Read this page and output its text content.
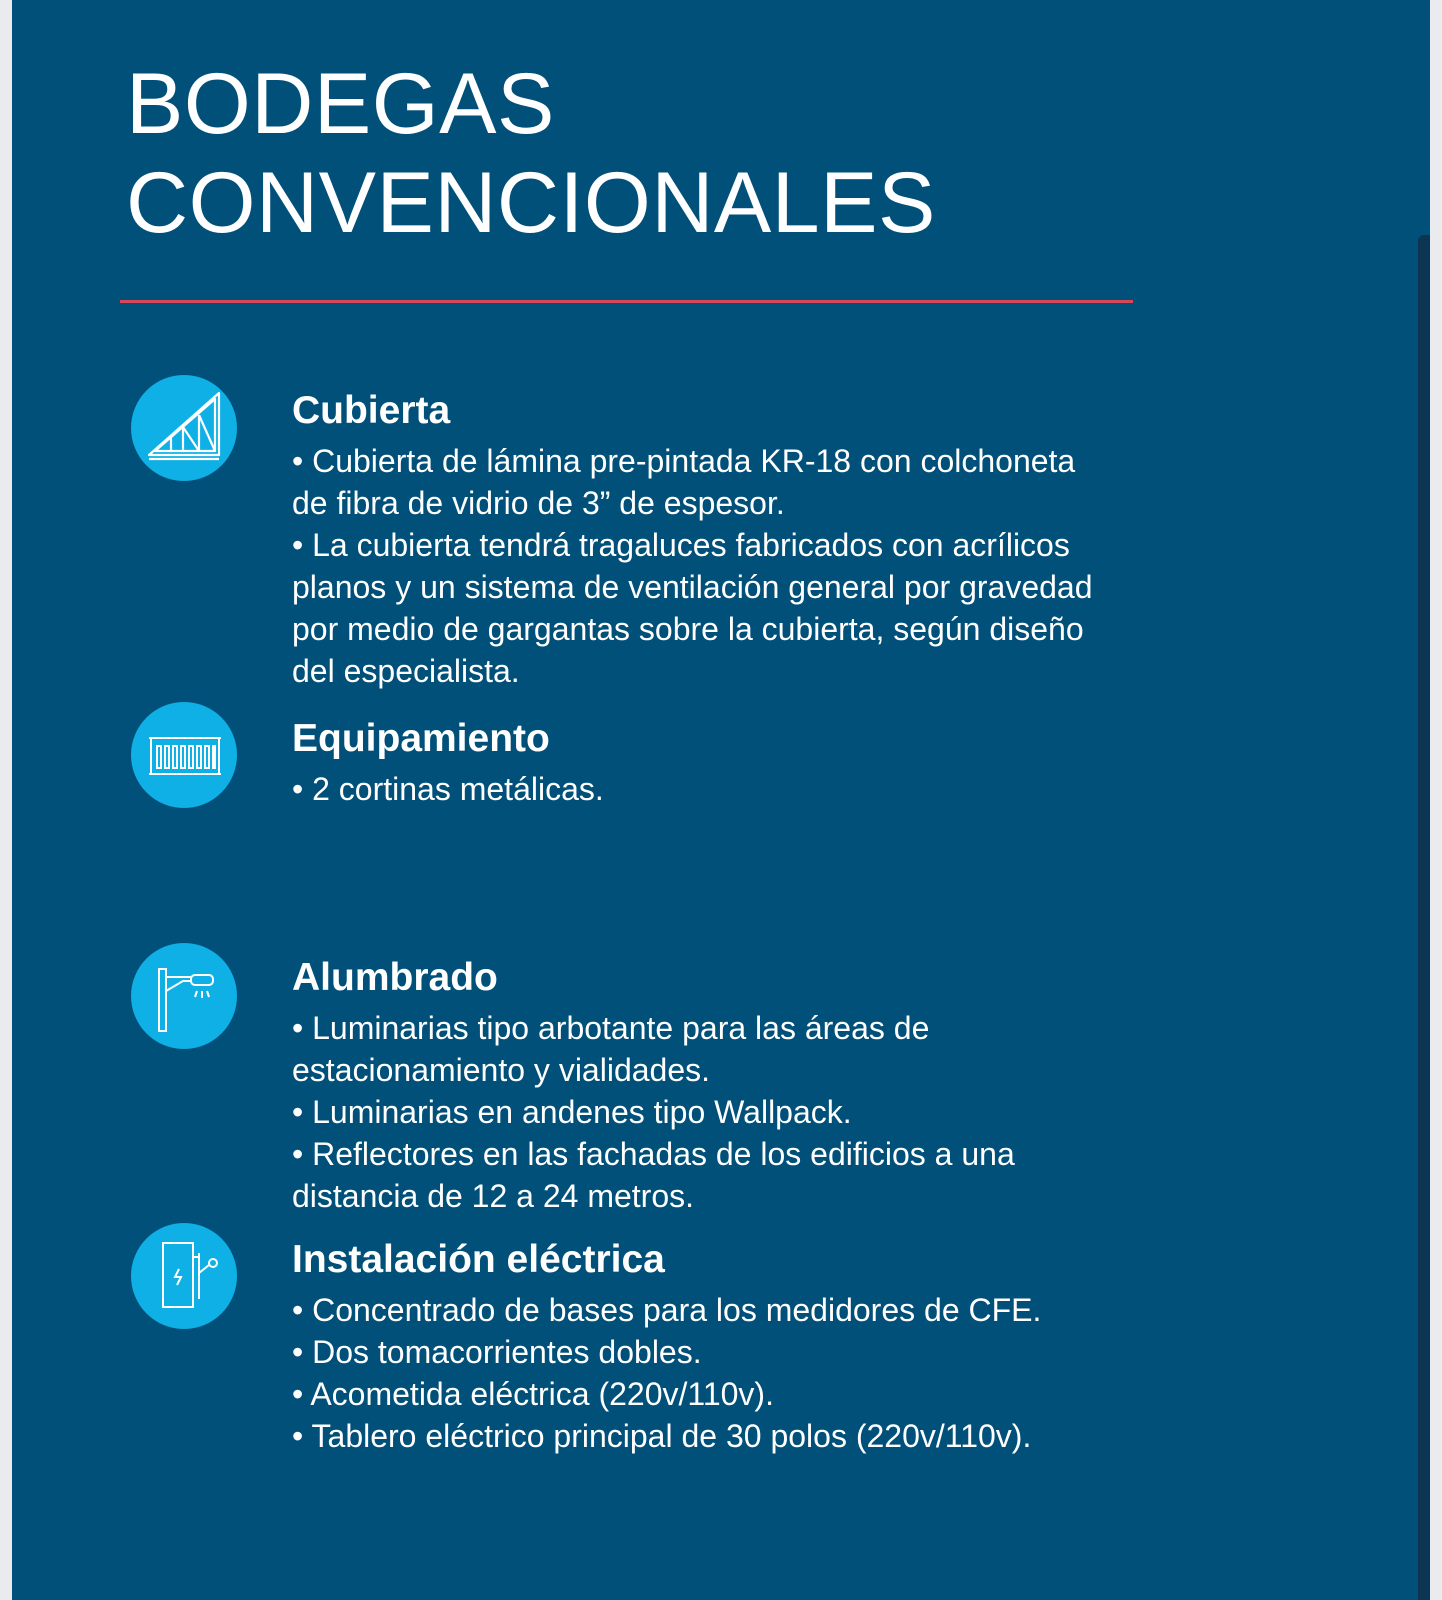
BODEGAS
CONVENCIONALES
Cubierta

• Cubierta de lámina pre-pintada KR-18 con colchoneta de fibra de vidrio de 3” de espesor.

• La cubierta tendrá tragaluces fabricados con acrílicos planos y un sistema de ventilación general por gravedad por medio de gargantas sobre la cubierta, según diseño del especialista.

Equipamiento

• 2 cortinas metálicas.

Alumbrado

• Luminarias tipo arbotante para las áreas de estacionamiento y vialidades.

• Luminarias en andenes tipo Wallpack.

• Reflectores en las fachadas de los edificios a una distancia de 12 a 24 metros.

Instalación eléctrica

• Concentrado de bases para los medidores de CFE.

• Dos tomacorrientes dobles.

• Acometida eléctrica (220v/110v).

• Tablero eléctrico principal de 30 polos (220v/110v).
